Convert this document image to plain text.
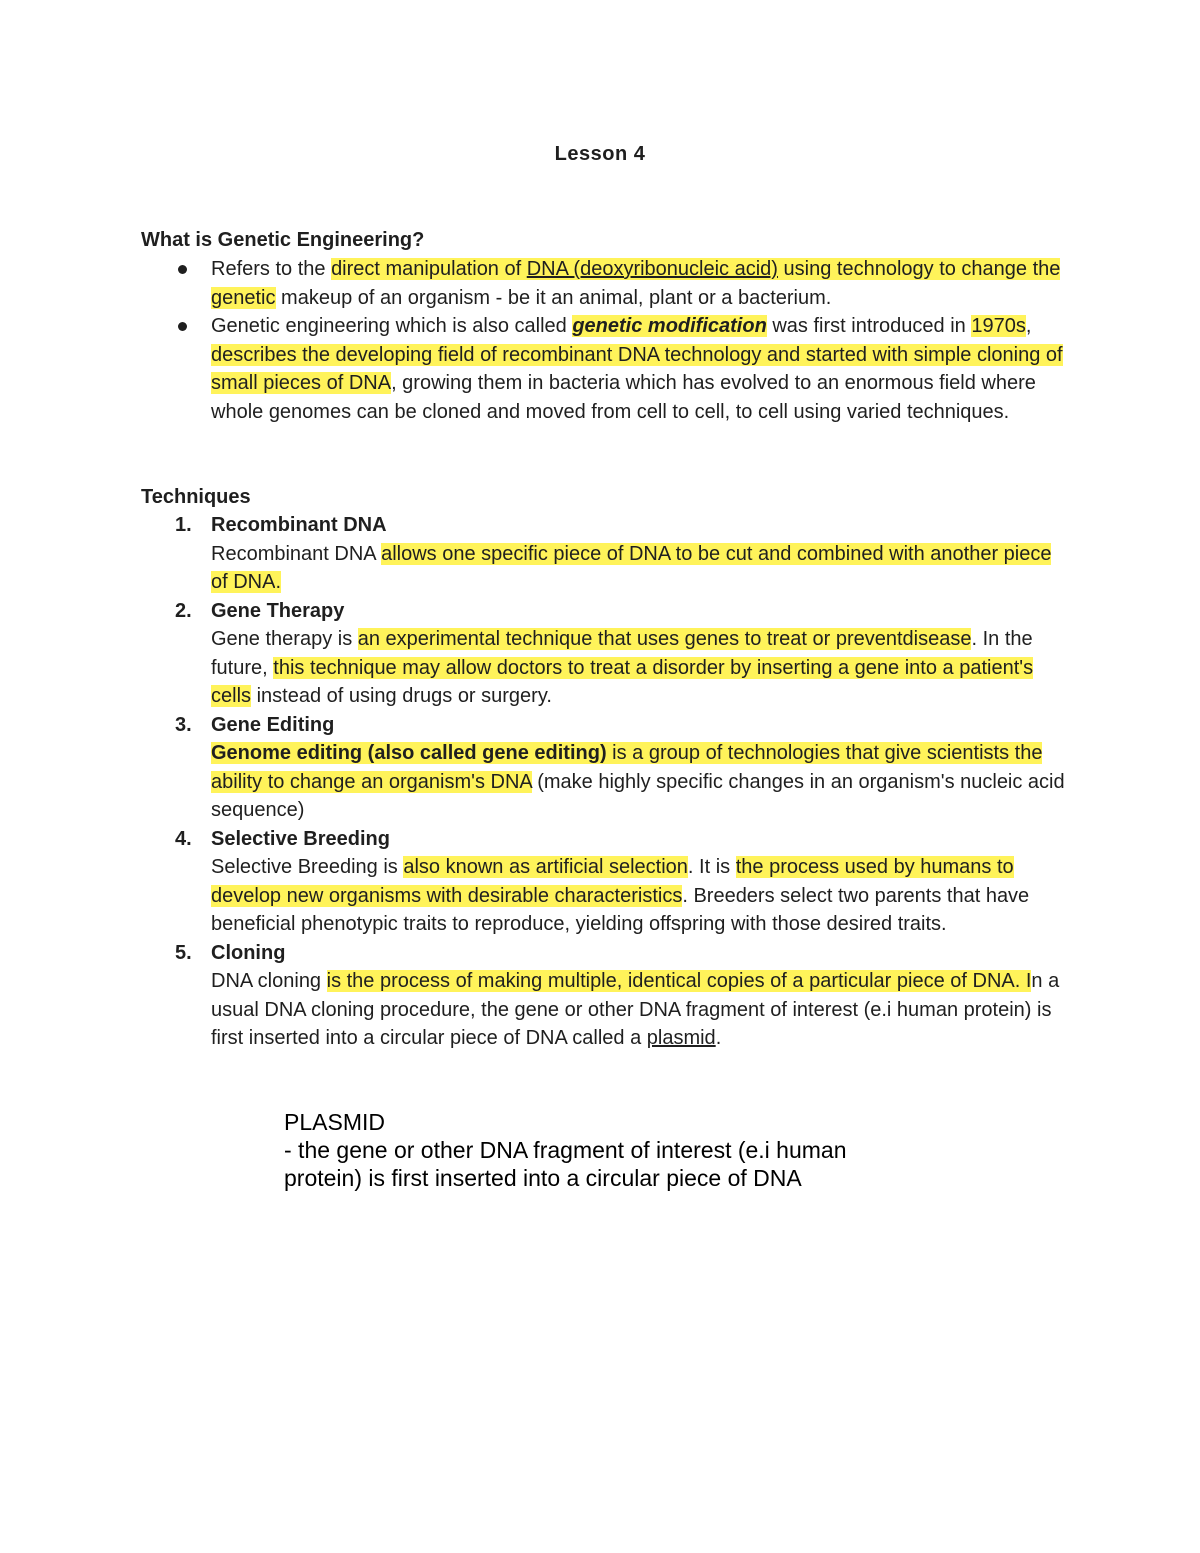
Lesson 4
What is Genetic Engineering?
Refers to the direct manipulation of DNA (deoxyribonucleic acid) using technology to change the genetic makeup of an organism - be it an animal, plant or a bacterium.
Genetic engineering which is also called genetic modification was first introduced in 1970s, describes the developing field of recombinant DNA technology and started with simple cloning of small pieces of DNA, growing them in bacteria which has evolved to an enormous field where whole genomes can be cloned and moved from cell to cell, to cell using varied techniques.
Techniques
1. Recombinant DNA
Recombinant DNA allows one specific piece of DNA to be cut and combined with another piece of DNA.
2. Gene Therapy
Gene therapy is an experimental technique that uses genes to treat or preventdisease. In the future, this technique may allow doctors to treat a disorder by inserting a gene into a patient's cells instead of using drugs or surgery.
3. Gene Editing
Genome editing (also called gene editing) is a group of technologies that give scientists the ability to change an organism's DNA (make highly specific changes in an organism's nucleic acid sequence)
4. Selective Breeding
Selective Breeding is also known as artificial selection. It is the process used by humans to develop new organisms with desirable characteristics. Breeders select two parents that have beneficial phenotypic traits to reproduce, yielding offspring with those desired traits.
5. Cloning
DNA cloning is the process of making multiple, identical copies of a particular piece of DNA. In a usual DNA cloning procedure, the gene or other DNA fragment of interest (e.i human protein) is first inserted into a circular piece of DNA called a plasmid.
PLASMID
- the gene or other DNA fragment of interest (e.i human protein) is first inserted into a circular piece of DNA
